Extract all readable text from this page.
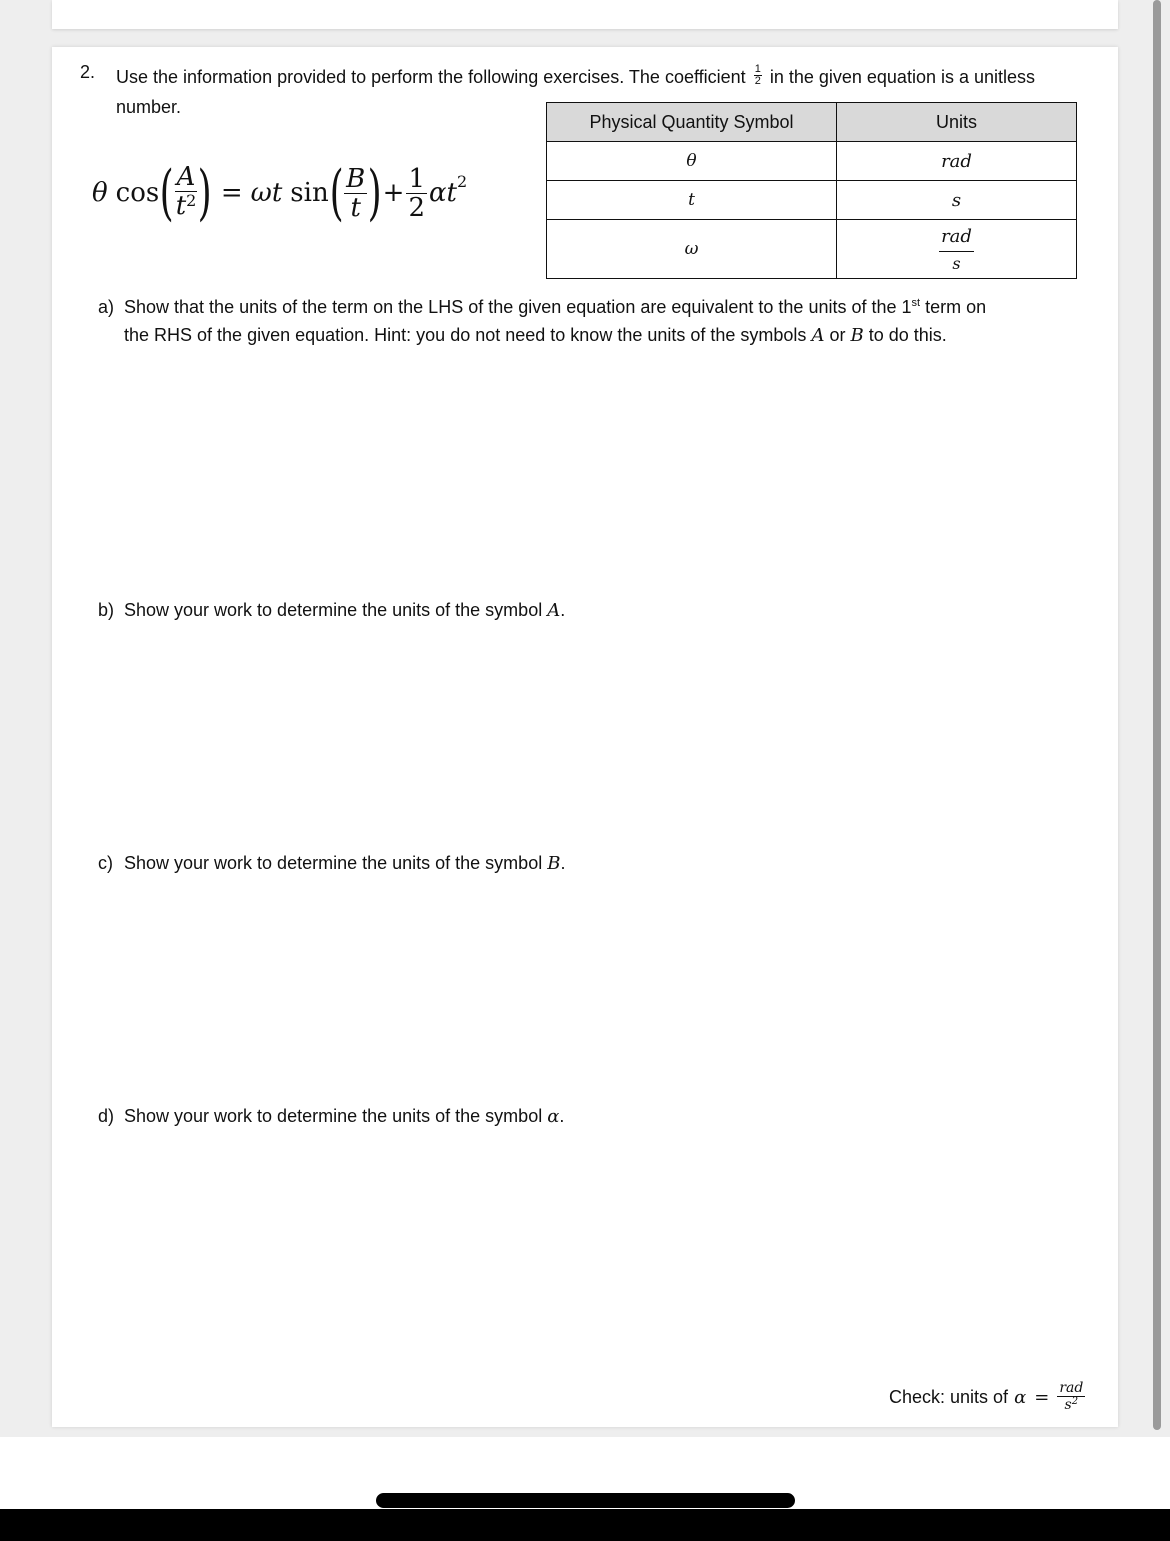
2. Use the information provided to perform the following exercises. The coefficient $\frac{1}{2}$ in the given equation is a unitless number.
θ cos ( A
$t^2$ ) = ωt sin ( B
t ) + $\frac{1}{2}$ αt 2
Physical Quantity Symbol	Units
θ	rad
t	s
ω	rad
s
a) Show that the units of the term on the LHS of the given equation are equivalent to the units of the 1st term on
the RHS of the given equation. Hint: you do not need to know the units of the symbols A or B to do this.
b) Show your work to determine the units of the symbol A.
c) Show your work to determine the units of the symbol B.
d) Show your work to determine the units of the symbol α.
Check: units of α = rad
$s^2$
